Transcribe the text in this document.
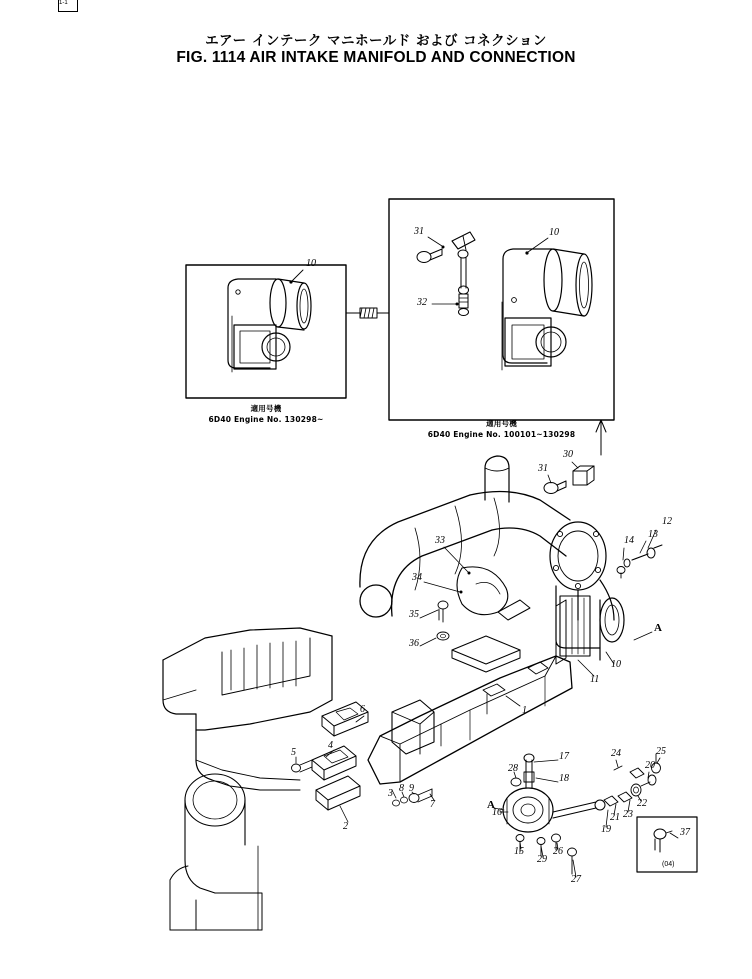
1-1
エアー インテーク マニホールド および コネクション
FIG. 1114 AIR INTAKE MANIFOLD AND CONNECTION
適用号機
6D40 Engine No. 130298~	適用号機
6D40 Engine No. 100101~130298
10
31	10
32
31
30
12
13
14
33
34
35
36
11
10
1
6
4
5
2
3 8 9
7
17
18
28
16
15
29
26
27
19
21 23
22
24
20
25
37
A
A
(04)
